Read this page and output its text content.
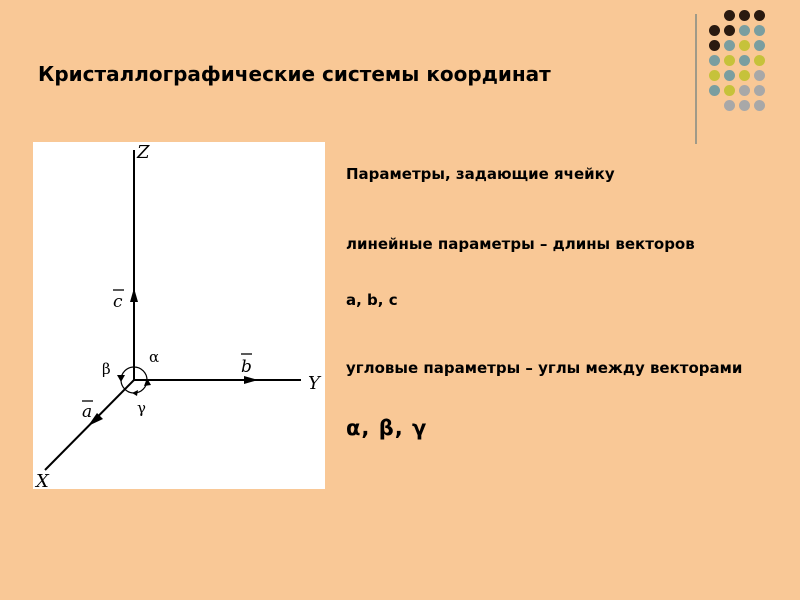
Кристаллографические системы координат
Z
Y
X
c
b
a
α
β
γ

Параметры, задающие ячейку

линейные параметры – длины векторов

a, b, c

угловые параметры – углы между векторами

α, β, γ
